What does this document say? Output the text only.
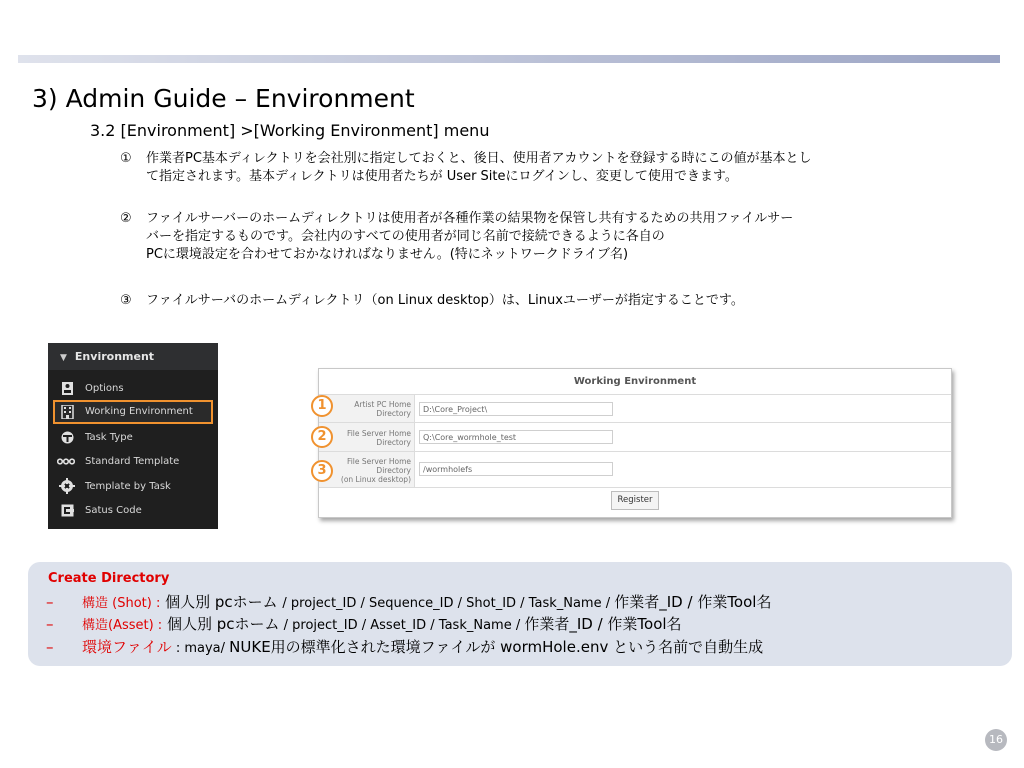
3) Admin Guide – Environment
3.2 [Environment] >[Working Environment] menu
① 作業者PC基本ディレクトリを会社別に指定しておくと、後日、使用者アカウントを登録する時にこの値が基本とし
て指定されます。基本ディレクトリは使用者たちが User Siteにログインし、変更して使用できます。
② ファイルサーバーのホームディレクトリは使用者が各種作業の結果物を保管し共有するための共用ファイルサー
バーを指定するものです。会社内のすべての使用者が同じ名前で接続できるように各自の
PCに環境設定を合わせておかなければなりません。(特にネットワークドライブ名)
③ ファイルサーバのホームディレクトリ（on Linux desktop）は、Linuxユーザーが指定することです。
▼ Environment
Options
Working Environment
Task Type
Standard Template
Template by Task
Satus Code
Working Environment
Artist PC Home
Directory	D:\Core_Project\
File Server Home
Directory	Q:\Core_wormhole_test
File Server Home
Directory
(on Linux desktop)
/wormholefs
Register
1
2
3
Create Directory
– 構造 (Shot) : 個人別 pcホーム / project_ID / Sequence_ID / Shot_ID / Task_Name / 作業者_ID / 作業Tool名
– 構造(Asset) : 個人別 pcホーム / project_ID / Asset_ID / Task_Name / 作業者_ID / 作業Tool名
– 環境ファイル : maya/ NUKE用の標準化された環境ファイルが wormHole.env という名前で自動生成
16
